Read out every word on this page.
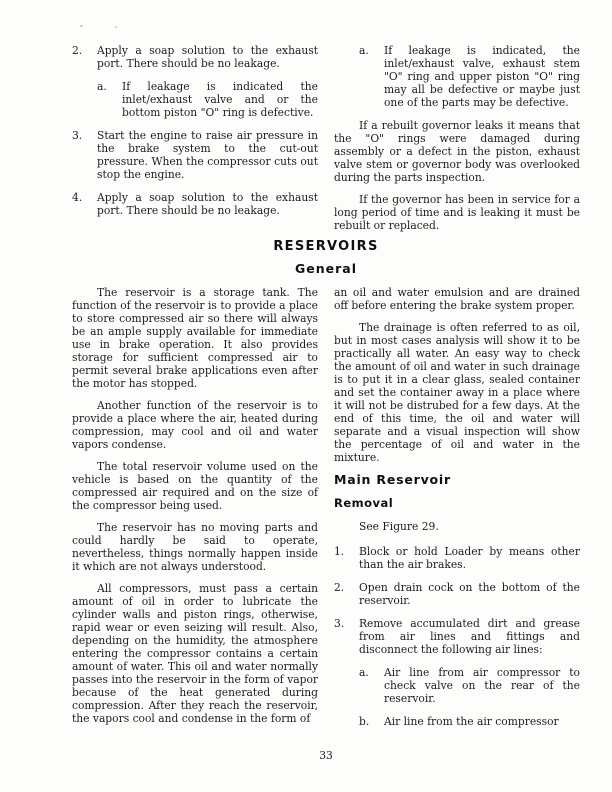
2.	Apply a soap solution to the exhaust port. There should be no leakage.

a.	If leakage is indicated the inlet/exhaust valve and or the bottom piston "O" ring is defective.

3.	Start the engine to raise air pressure in the brake system to the cut-out pressure. When the compressor cuts out stop the engine.

4.	Apply a soap solution to the exhaust port. There should be no leakage.

a.	If leakage is indicated, the inlet/exhaust valve, exhaust stem "O" ring and upper piston "O" ring may all be defective or maybe just one of the parts may be defective.

If a rebuilt governor leaks it means that the "O" rings were damaged during assembly or a defect in the piston, exhaust valve stem or governor body was overlooked during the parts inspection.

If the governor has been in service for a long period of time and is leaking it must be rebuilt or replaced.

RESERVOIRS
General

The reservoir is a storage tank. The function of the reservoir is to provide a place to store compressed air so there will always be an ample supply available for immediate use in brake operation. It also provides storage for sufficient compressed air to permit several brake applications even after the motor has stopped.

Another function of the reservoir is to provide a place where the air, heated during compression, may cool and oil and water vapors condense.

The total reservoir volume used on the vehicle is based on the quantity of the compressed air required and on the size of the compressor being used.

The reservoir has no moving parts and could hardly be said to operate, nevertheless, things normally happen inside it which are not always understood.

All compressors, must pass a certain amount of oil in order to lubricate the cylinder walls and piston rings, otherwise, rapid wear or even seizing will result. Also, depending on the humidity, the atmosphere entering the compressor contains a certain amount of water. This oil and water normally passes into the reservoir in the form of vapor because of the heat generated during compression. After they reach the reservoir, the vapors cool and condense in the form of

an oil and water emulsion and are drained off before entering the brake system proper.

The drainage is often referred to as oil, but in most cases analysis will show it to be practically all water. An easy way to check the amount of oil and water in such drainage is to put it in a clear glass, sealed container and set the container away in a place where it will not be distrubed for a few days. At the end of this time, the oil and water will separate and a visual inspection will show the percentage of oil and water in the mixture.

Main Reservoir
Removal

See Figure 29.

1.	Block or hold Loader by means other than the air brakes.

2.	Open drain cock on the bottom of the reservoir.

3.	Remove accumulated dirt and grease from air lines and fittings and disconnect the following air lines:

a.	Air line from air compressor to check valve on the rear of the reservoir.

b.	Air line from the air compressor

33
